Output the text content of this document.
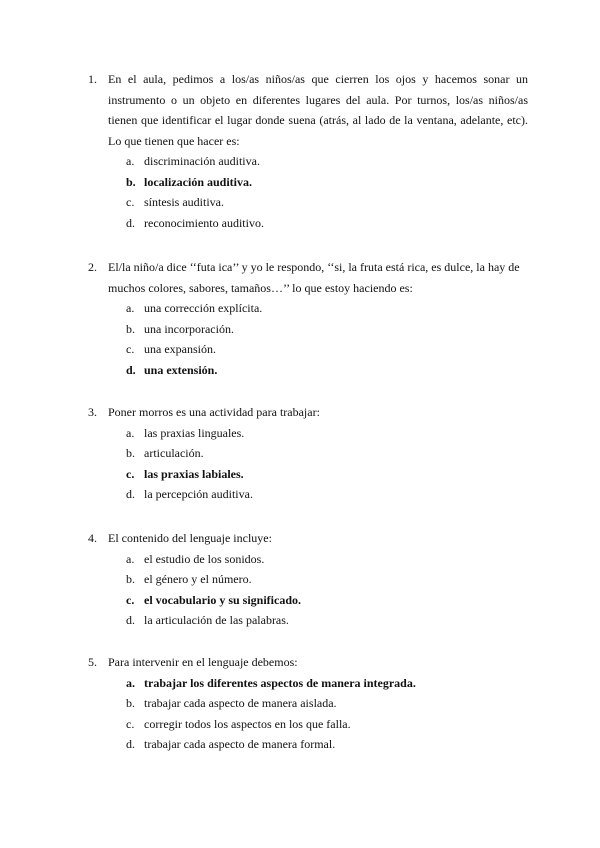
1. En el aula, pedimos a los/as niños/as que cierren los ojos y hacemos sonar un instrumento o un objeto en diferentes lugares del aula. Por turnos, los/as niños/as tienen que identificar el lugar donde suena (atrás, al lado de la ventana, adelante, etc). Lo que tienen que hacer es:
a. discriminación auditiva.
b. localización auditiva.
c. síntesis auditiva.
d. reconocimiento auditivo.
2. El/la niño/a dice ‘‘futa ica’’ y yo le respondo, ‘‘si, la fruta está rica, es dulce, la hay de muchos colores, sabores, tamaños…’’ lo que estoy haciendo es:
a. una corrección explícita.
b. una incorporación.
c. una expansión.
d. una extensión.
3. Poner morros es una actividad para trabajar:
a. las praxias linguales.
b. articulación.
c. las praxias labiales.
d. la percepción auditiva.
4. El contenido del lenguaje incluye:
a. el estudio de los sonidos.
b. el género y el número.
c. el vocabulario y su significado.
d. la articulación de las palabras.
5. Para intervenir en el lenguaje debemos:
a. trabajar los diferentes aspectos de manera integrada.
b. trabajar cada aspecto de manera aislada.
c. corregir todos los aspectos en los que falla.
d. trabajar cada aspecto de manera formal.
